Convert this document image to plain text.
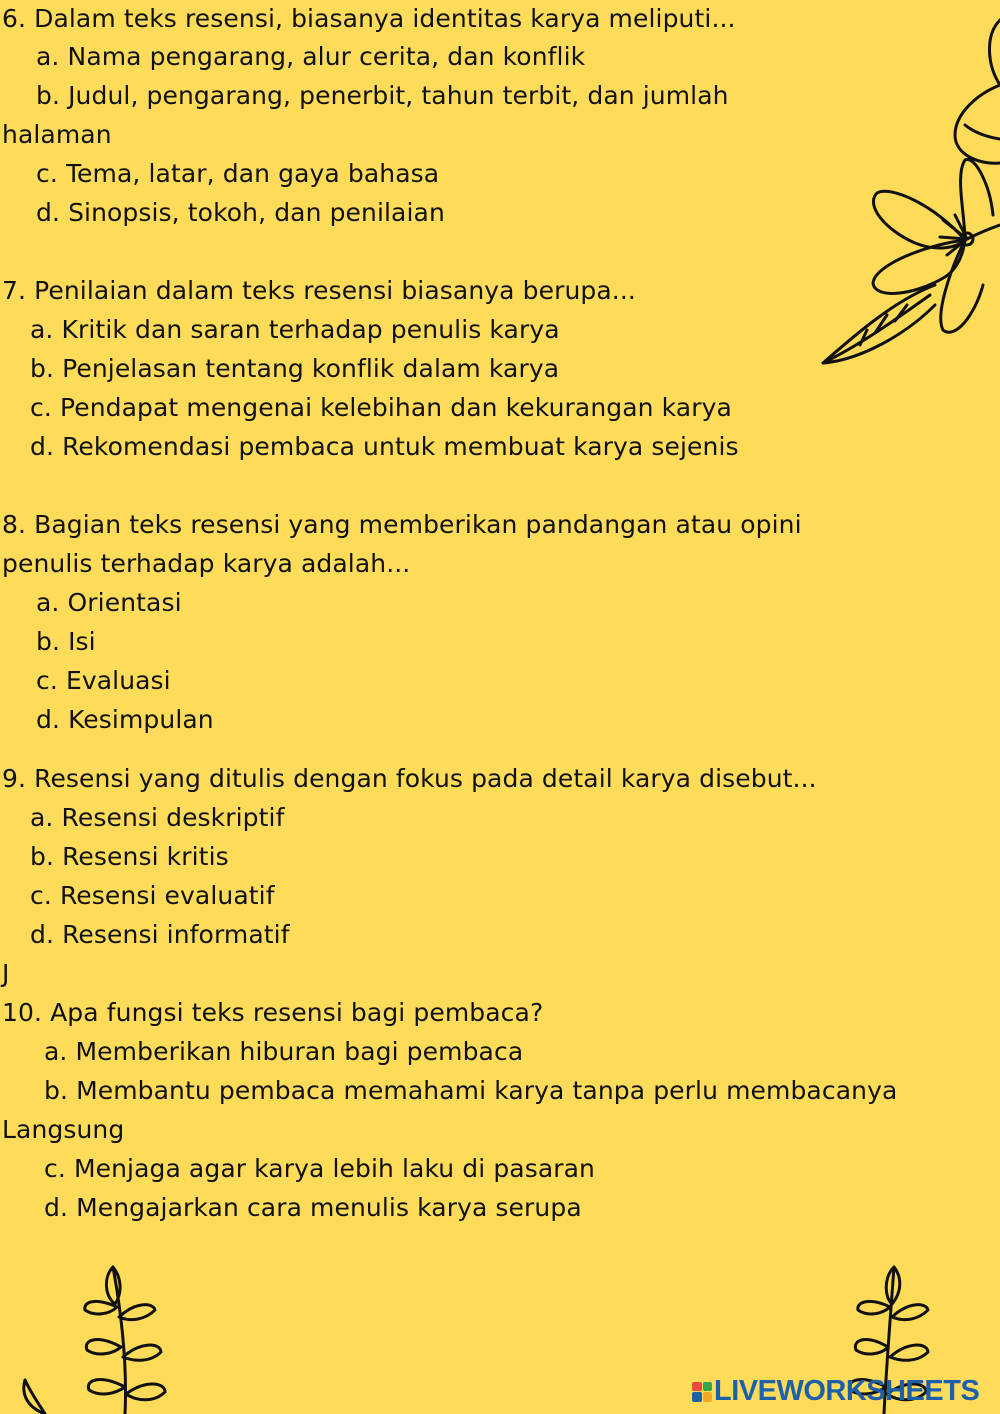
6. Dalam teks resensi, biasanya identitas karya meliputi...
a. Nama pengarang, alur cerita, dan konflik
b. Judul, pengarang, penerbit, tahun terbit, dan jumlah
halaman
c. Tema, latar, dan gaya bahasa
d. Sinopsis, tokoh, dan penilaian
7. Penilaian dalam teks resensi biasanya berupa...
a. Kritik dan saran terhadap penulis karya
b. Penjelasan tentang konflik dalam karya
c. Pendapat mengenai kelebihan dan kekurangan karya
d. Rekomendasi pembaca untuk membuat karya sejenis
8. Bagian teks resensi yang memberikan pandangan atau opini
penulis terhadap karya adalah...
a. Orientasi
b. Isi
c. Evaluasi
d. Kesimpulan
9. Resensi yang ditulis dengan fokus pada detail karya disebut...
a. Resensi deskriptif
b. Resensi kritis
c. Resensi evaluatif
d. Resensi informatif
J
10. Apa fungsi teks resensi bagi pembaca?
a. Memberikan hiburan bagi pembaca
b. Membantu pembaca memahami karya tanpa perlu membacanya
Langsung
c. Menjaga agar karya lebih laku di pasaran
d. Mengajarkan cara menulis karya serupa
LIVEWORKSHEETS
